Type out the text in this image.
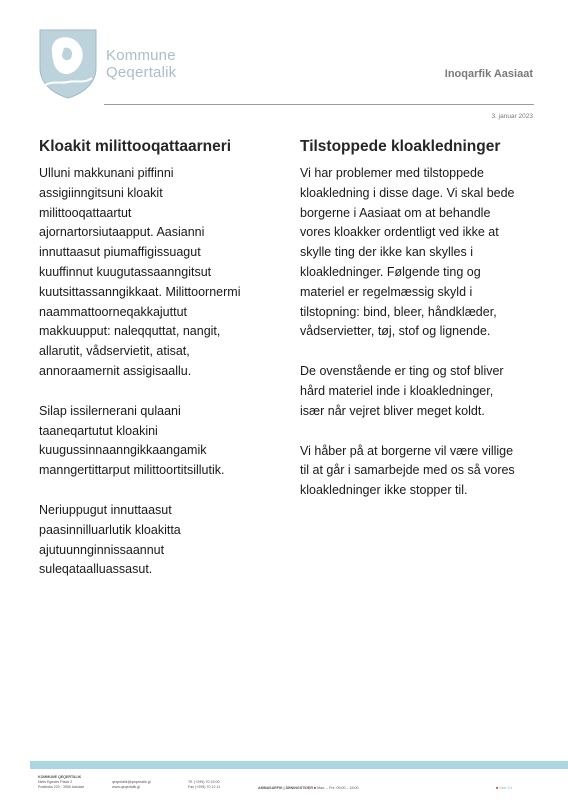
Kommune
Qeqertalik	Inoqarfik Aasiaat
3. januar 2023
Kloakit milittooqattaarneri
Ulluni makkunani piffinni
assigiinngitsuni kloakit
milittooqattaartut
ajornartorsiutaapput. Aasianni
innuttaasut piumaffigissuagut
kuuffinnut kuugutassaanngitsut
kuutsittassanngikkaat. Milittoornermi
naammattoorneqakkajuttut
makkuupput: naleqquttat, nangit,
allarutit, vådservietit, atisat,
annoraamernit assigisaallu.
Silap issilernerani qulaani
taaneqartutut kloakini
kuugussinnaanngikkaangamik
manngertittarput milittoortitsillutik.
Neriuppugut innuttaasut
paasinnilluarlutik kloakitta
ajutuunnginnissaannut
suleqataalluassasut.
Tilstoppede kloakledninger
Vi har problemer med tilstoppede
kloakledning i disse dage. Vi skal bede
borgerne i Aasiaat om at behandle
vores kloakker ordentligt ved ikke at
skylle ting der ikke kan skylles i
kloakledninger. Følgende ting og
materiel er regelmæssig skyld i
tilstopning: bind, bleer, håndklæder,
vådservietter, tøj, stof og lignende.
De ovenstående er ting og stof bliver
hård materiel inde i kloakledninger,
især når vejret bliver meget koldt.
Vi håber på at borgerne vil være villige
til at går i samarbejde med os så vores
kloakledninger ikke stopper til.
KOMMUNE QEQERTALIK
Niels Egedes Plads 2
Postboks 220 · 3950 Aasiaat
qeqertalik@qeqertalik.gl
www.qeqertalik.gl
Tlf. (+299) 70 19 00
Fax (+299) 70 12 11	AMMASARFIK | ÅBNINGSTIDER ■ Man. – Fre. 09:00 – 15:00	■ Side 1/1
